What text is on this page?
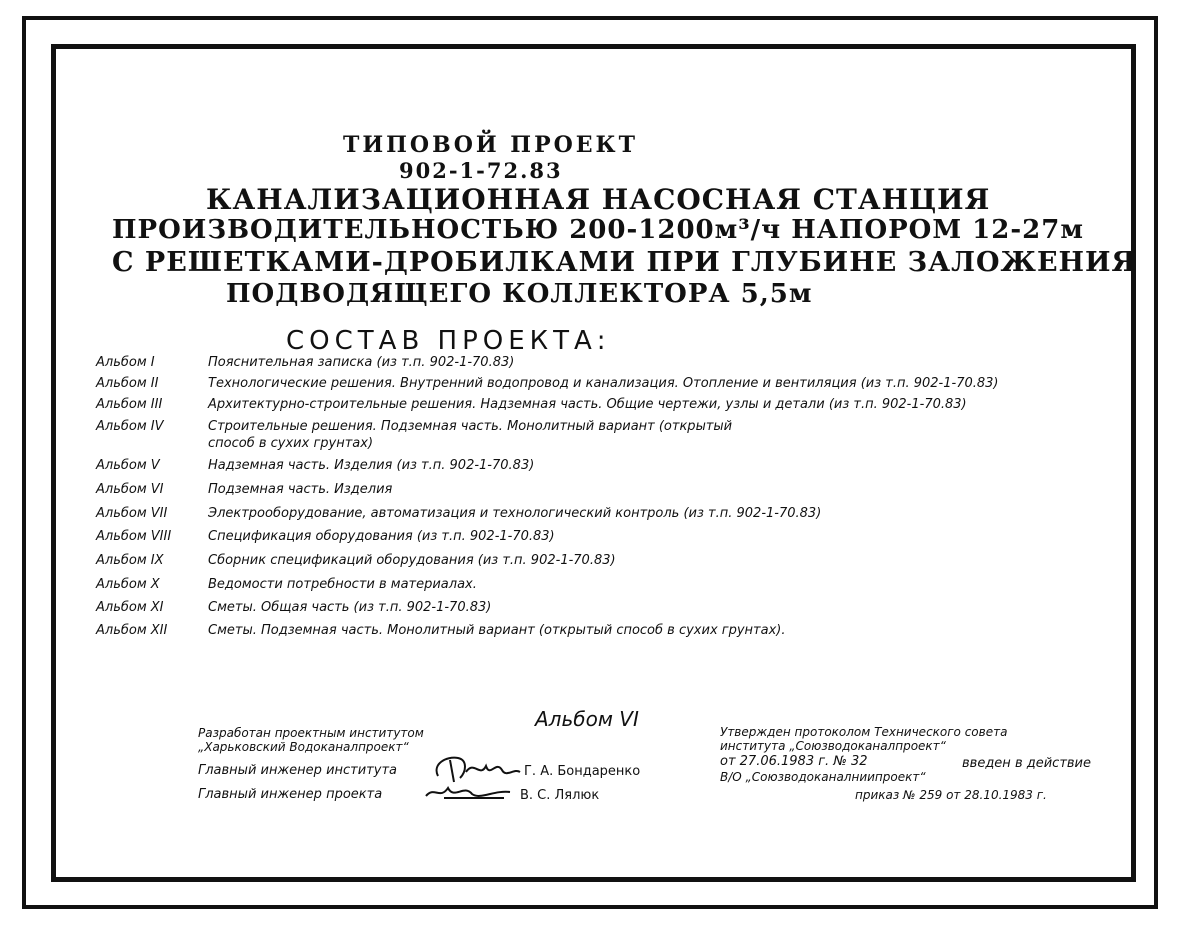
ТИПОВОЙ ПРОЕКТ
902-1-72.83
КАНАЛИЗАЦИОННАЯ НАСОСНАЯ СТАНЦИЯ
ПРОИЗВОДИТЕЛЬНОСТЬЮ 200-1200м³/ч НАПОРОМ 12-27м
С РЕШЕТКАМИ-ДРОБИЛКАМИ ПРИ ГЛУБИНЕ ЗАЛОЖЕНИЯ
ПОДВОДЯЩЕГО КОЛЛЕКТОРА 5,5м
СОСТАВ ПРОЕКТА:
Альбом I	Пояснительная записка (из т.п. 902-1-70.83)
Альбом II	Технологические решения. Внутренний водопровод и канализация. Отопление и вентиляция (из т.п. 902-1-70.83)
Альбом III	Архитектурно-строительные решения. Надземная часть. Общие чертежи, узлы и детали (из т.п. 902-1-70.83)
Альбом IV	Строительные решения. Подземная часть. Монолитный вариант (открытый способ в сухих грунтах)
Альбом V	Надземная часть. Изделия (из т.п. 902-1-70.83)
Альбом VI	Подземная часть. Изделия
Альбом VII	Электрооборудование, автоматизация и технологический контроль (из т.п. 902-1-70.83)
Альбом VIII	Спецификация оборудования (из т.п. 902-1-70.83)
Альбом IX	Сборник спецификаций оборудования (из т.п. 902-1-70.83)
Альбом X	Ведомости потребности в материалах.
Альбом XI	Сметы. Общая часть (из т.п. 902-1-70.83)
Альбом XII	Сметы. Подземная часть. Монолитный вариант (открытый способ в сухих грунтах).
Альбом VI
Разработан проектным институтом
„Харьковский Водоканалпроект“
Главный инженер института	Г. А. Бондаренко
Главный инженер проекта	В. С. Лялюк
Утвержден протоколом Технического совета
института „Союзводоканалпроект“
от 27.06.1983 г. № 32	введен в действие
В/О „Союзводоканалниипроект“
приказ № 259 от 28.10.1983 г.
